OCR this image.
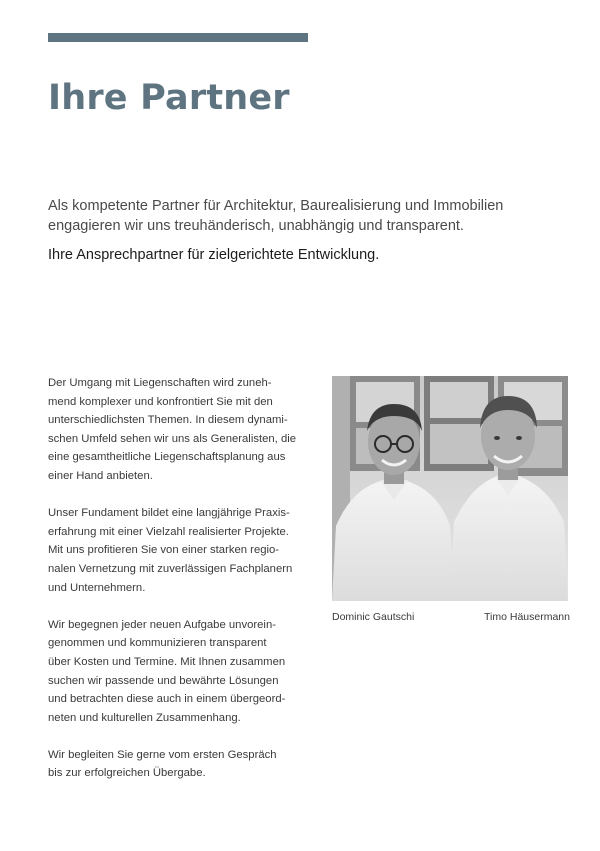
Ihre Partner

Als kompetente Partner für Architektur, Baurealisierung und Immobilien
engagieren wir uns treuhänderisch, unabhängig und transparent.

Ihre Ansprechpartner für zielgerichtete Entwicklung.

Der Umgang mit Liegenschaften wird zuneh-
mend komplexer und konfrontiert Sie mit den
unterschiedlichsten Themen. In diesem dynami-
schen Umfeld sehen wir uns als Generalisten, die
eine gesamtheitliche Liegenschaftsplanung aus
einer Hand anbieten.

Unser Fundament bildet eine langjährige Praxis-
erfahrung mit einer Vielzahl realisierter Projekte.
Mit uns profitieren Sie von einer starken regio-
nalen Vernetzung mit zuverlässigen Fachplanern
und Unternehmern.

Wir begegnen jeder neuen Aufgabe unvorein-
genommen und kommunizieren transparent
über Kosten und Termine. Mit Ihnen zusammen
suchen wir passende und bewährte Lösungen
und betrachten diese auch in einem übergeord-
neten und kulturellen Zusammenhang.

Wir begleiten Sie gerne vom ersten Gespräch
bis zur erfolgreichen Übergabe.

Dominic Gautschi	Timo Häusermann
